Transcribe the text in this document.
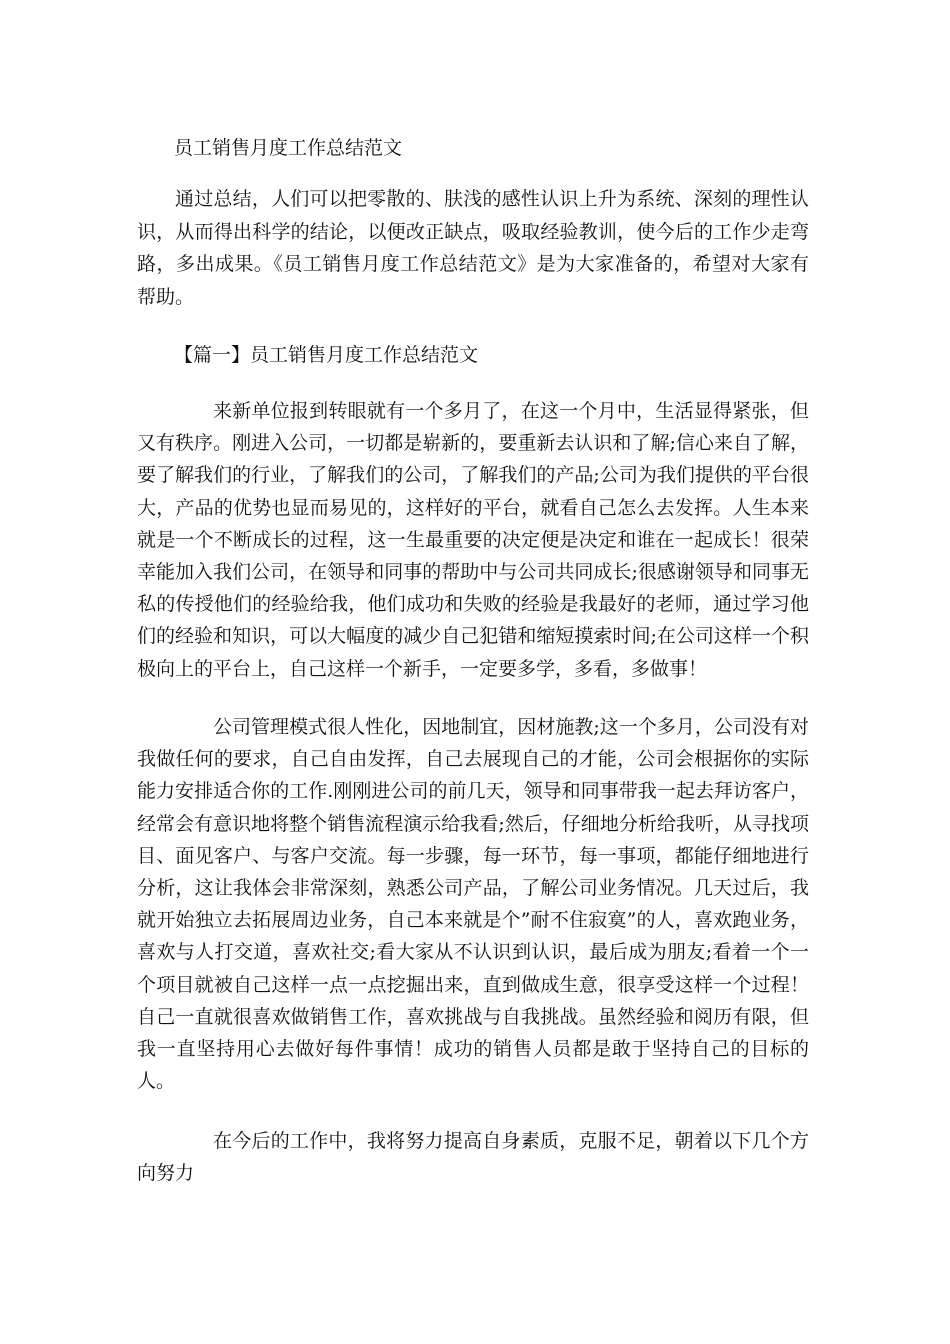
员工销售月度工作总结范文

通过总结，人们可以把零散的、肤浅的感性认识上升为系统、深刻的理性认识，从而得出科学的结论，以便改正缺点，吸取经验教训，使今后的工作少走弯路，多出成果。《员工销售月度工作总结范文》是为大家准备的，希望对大家有帮助。

【篇一】员工销售月度工作总结范文

来新单位报到转眼就有一个多月了，在这一个月中，生活显得紧张，但又有秩序。刚进入公司，一切都是崭新的，要重新去认识和了解;信心来自了解，要了解我们的行业，了解我们的公司，了解我们的产品;公司为我们提供的平台很大，产品的优势也显而易见的，这样好的平台，就看自己怎么去发挥。人生本来就是一个不断成长的过程，这一生最重要的决定便是决定和谁在一起成长！很荣幸能加入我们公司，在领导和同事的帮助中与公司共同成长;很感谢领导和同事无私的传授他们的经验给我，他们成功和失败的经验是我最好的老师，通过学习他们的经验和知识，可以大幅度的减少自己犯错和缩短摸索时间;在公司这样一个积极向上的平台上，自己这样一个新手，一定要多学，多看，多做事！

公司管理模式很人性化，因地制宜，因材施教;这一个多月，公司没有对我做任何的要求，自己自由发挥，自己去展现自己的才能，公司会根据你的实际能力安排适合你的工作.刚刚进公司的前几天，领导和同事带我一起去拜访客户，经常会有意识地将整个销售流程演示给我看;然后，仔细地分析给我听，从寻找项目、面见客户、与客户交流。每一步骤，每一环节，每一事项，都能仔细地进行分析，这让我体会非常深刻，熟悉公司产品，了解公司业务情况。几天过后，我就开始独立去拓展周边业务，自己本来就是个”耐不住寂寞”的人，喜欢跑业务，喜欢与人打交道，喜欢社交;看大家从不认识到认识，最后成为朋友;看着一个一个项目就被自己这样一点一点挖掘出来，直到做成生意，很享受这样一个过程！自己一直就很喜欢做销售工作，喜欢挑战与自我挑战。虽然经验和阅历有限，但我一直坚持用心去做好每件事情！成功的销售人员都是敢于坚持自己的目标的人。

在今后的工作中，我将努力提高自身素质，克服不足，朝着以下几个方向努力
